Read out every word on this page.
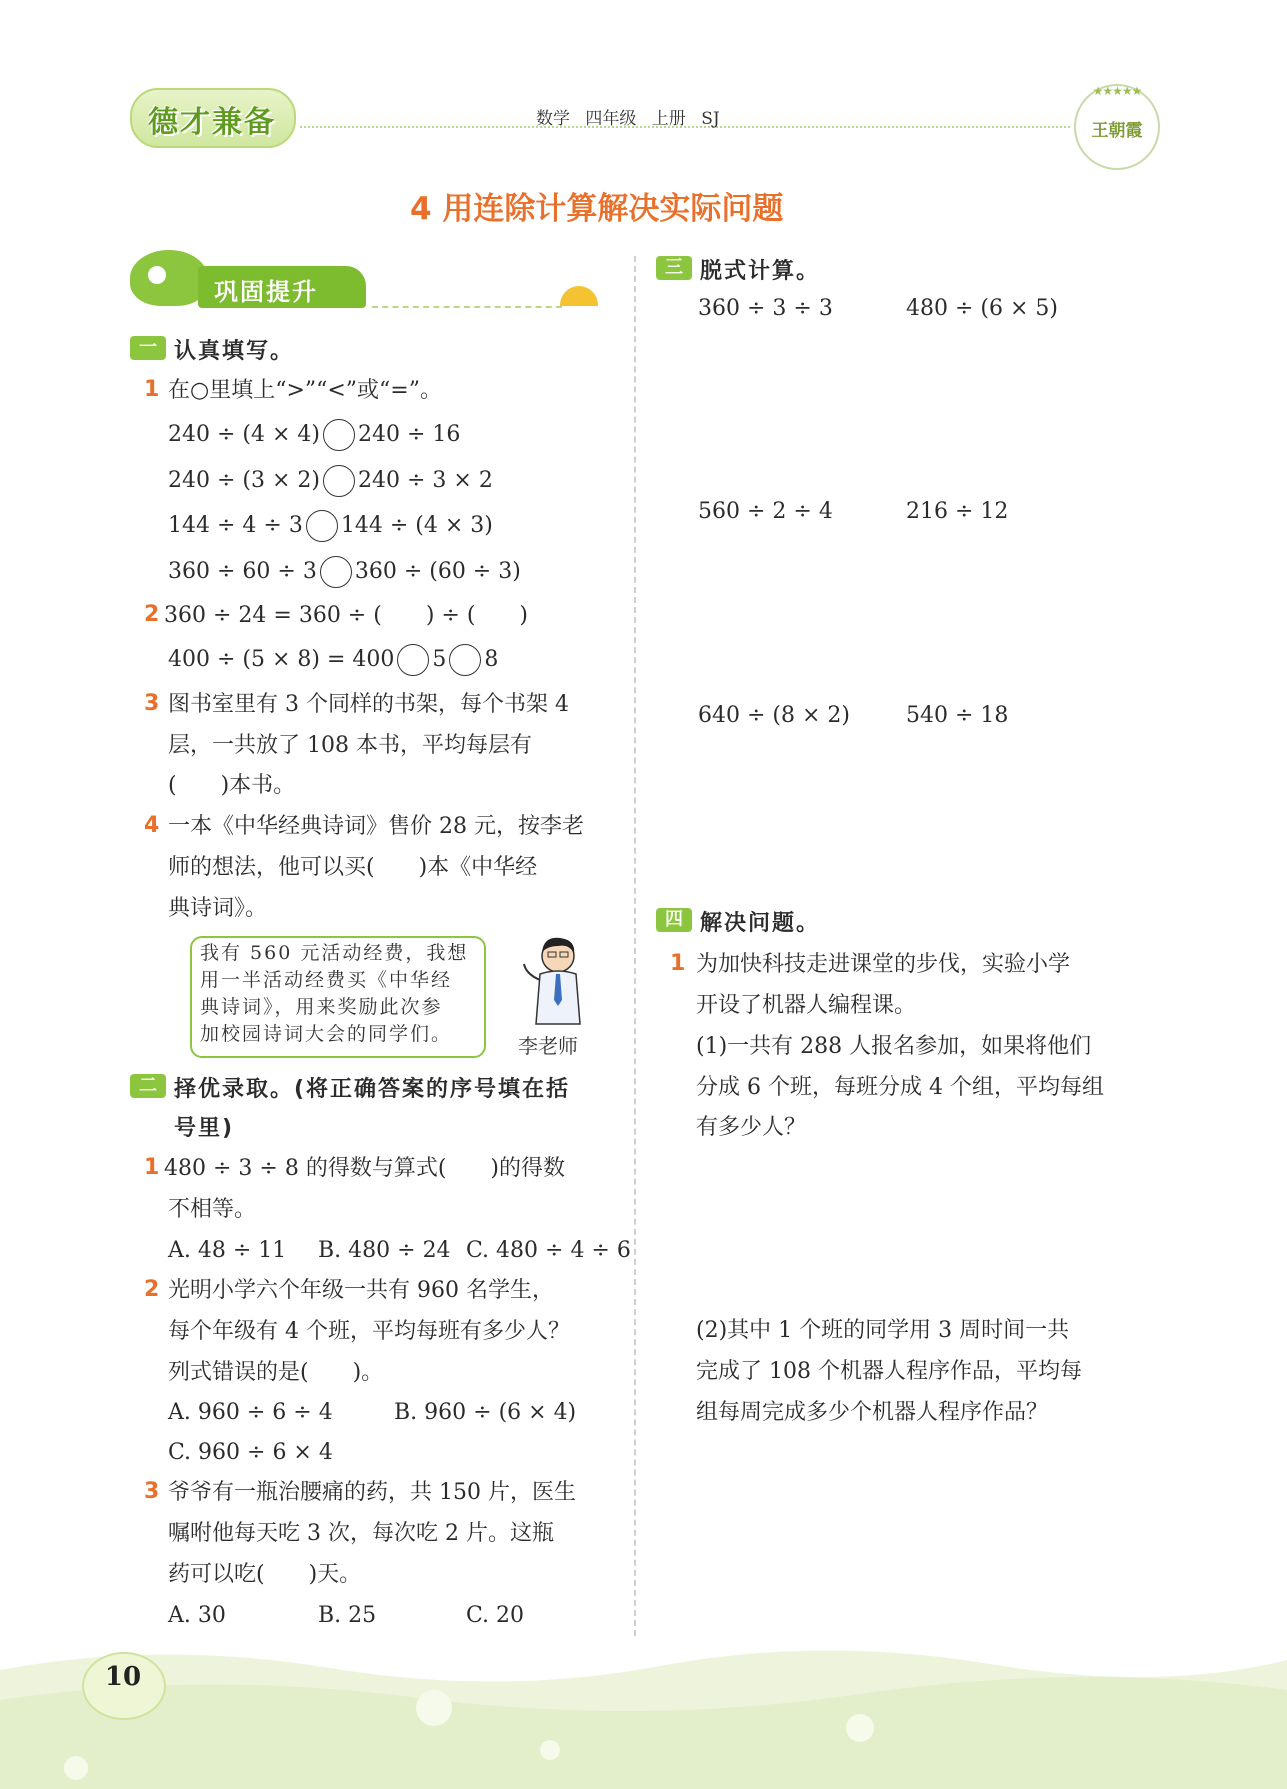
德才兼备	数学 四年级 上册 SJ
★★★★★
王朝霞
4 用连除计算解决实际问题
巩固提升
一 认真填写。
1 在○里填上“>”“<”或“=”。
240 ÷ (4 × 4) 240 ÷ 16
240 ÷ (3 × 2) 240 ÷ 3 × 2
144 ÷ 4 ÷ 3 144 ÷ (4 × 3)
360 ÷ 60 ÷ 3 360 ÷ (60 ÷ 3)
2 360 ÷ 24 = 360 ÷ (　　) ÷ (　　)
400 ÷ (5 × 8) = 400 5 8
3 图书室里有 3 个同样的书架，每个书架 4
层，一共放了 108 本书，平均每层有
(　　)本书。
4 一本《中华经典诗词》售价 28 元，按李老
师的想法，他可以买(　　)本《中华经
典诗词》。
我有 560 元活动经费，我想
用一半活动经费买《中华经
典诗词》，用来奖励此次参
加校园诗词大会的同学们。	李老师
二 择优录取。(将正确答案的序号填在括
号里)
1 480 ÷ 3 ÷ 8 的得数与算式(　　)的得数
不相等。
A. 48 ÷ 11 B. 480 ÷ 24 C. 480 ÷ 4 ÷ 6
2 光明小学六个年级一共有 960 名学生，
每个年级有 4 个班，平均每班有多少人？
列式错误的是(　　)。
A. 960 ÷ 6 ÷ 4	B. 960 ÷ (6 × 4)
C. 960 ÷ 6 × 4
3 爷爷有一瓶治腰痛的药，共 150 片，医生
嘱咐他每天吃 3 次，每次吃 2 片。这瓶
药可以吃(　　)天。
A. 30	B. 25	C. 20
三 脱式计算。
360 ÷ 3 ÷ 3	480 ÷ (6 × 5)
560 ÷ 2 ÷ 4	216 ÷ 12
640 ÷ (8 × 2)	540 ÷ 18
四 解决问题。
1 为加快科技走进课堂的步伐，实验小学
开设了机器人编程课。
(1)一共有 288 人报名参加，如果将他们
分成 6 个班，每班分成 4 个组，平均每组
有多少人？
(2)其中 1 个班的同学用 3 周时间一共
完成了 108 个机器人程序作品，平均每
组每周完成多少个机器人程序作品？
10
